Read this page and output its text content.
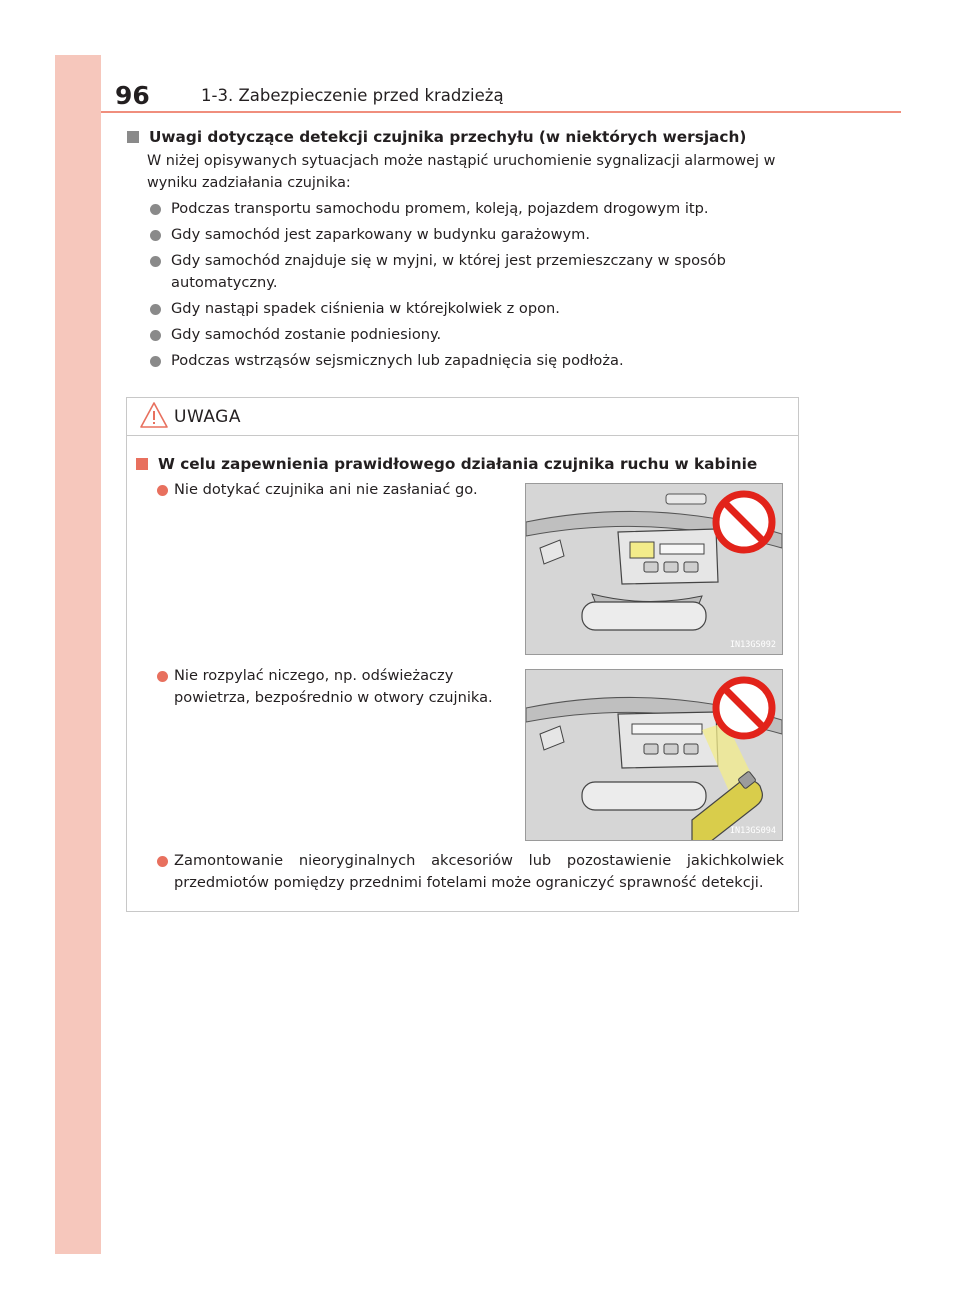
96	1-3. Zabezpieczenie przed kradzieżą
Uwagi dotyczące detekcji czujnika przechyłu (w niektórych wersjach)
W niżej opisywanych sytuacjach może nastąpić uruchomienie sygnalizacji alarmowej w wyniku zadziałania czujnika:
Podczas transportu samochodu promem, koleją, pojazdem drogowym itp.
Gdy samochód jest zaparkowany w budynku garażowym.
Gdy samochód znajduje się w myjni, w której jest przemieszczany w sposób automatyczny.
Gdy nastąpi spadek ciśnienia w którejkolwiek z opon.
Gdy samochód zostanie podniesiony.
Podczas wstrząsów sejsmicznych lub zapadnięcia się podłoża.
UWAGA
W celu zapewnienia prawidłowego działania czujnika ruchu w kabinie
Nie dotykać czujnika ani nie zasłaniać go.
IN13GS092
Nie rozpylać niczego, np. odświeżaczy powietrza, bezpośrednio w otwory czujnika.
IN13GS094
Zamontowanie nieoryginalnych akcesoriów lub pozostawienie jakichkolwiek przedmiotów pomiędzy przednimi fotelami może ograniczyć sprawność detekcji.
